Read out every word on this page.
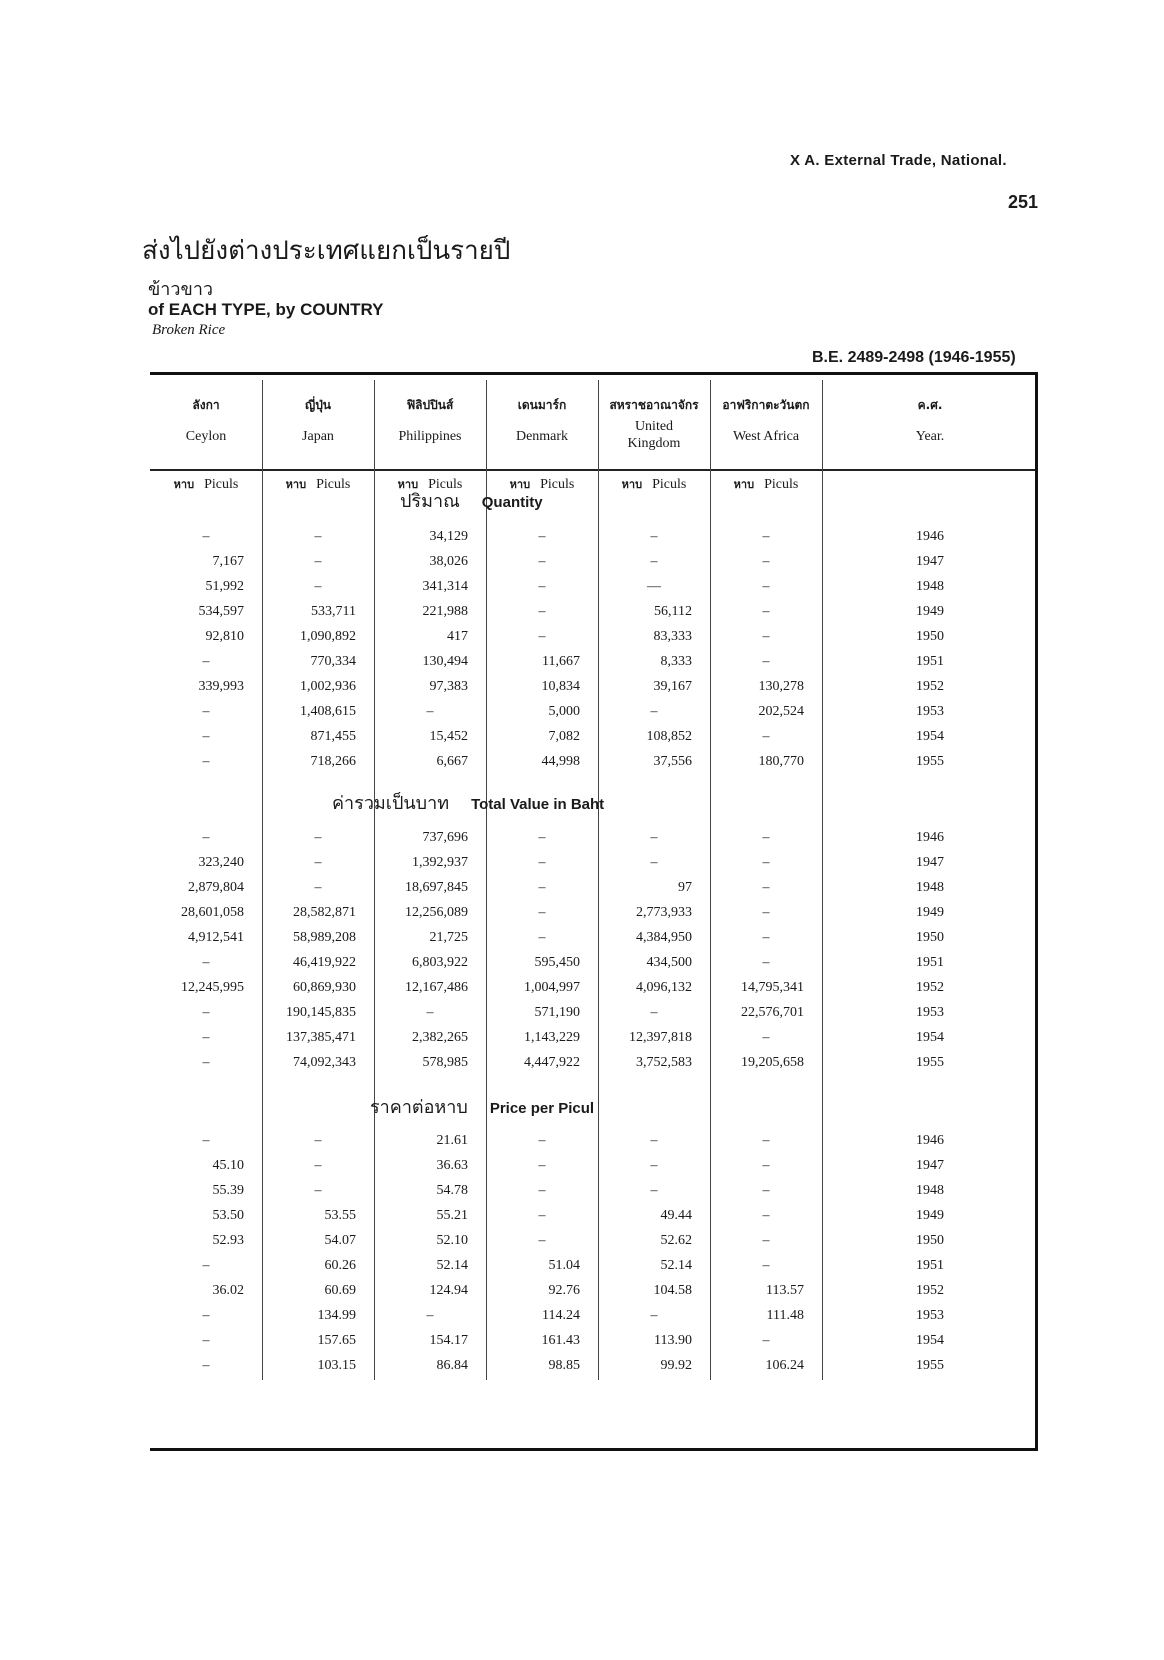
X A. External Trade, National.
251
ส่งไปยังต่างประเทศแยกเป็นรายปี
ข้าวขาว
of EACH TYPE, by COUNTRY
Broken Rice
B.E. 2489-2498 (1946-1955)
ลังกา
Ceylon
ญี่ปุ่น
Japan
ฟิลิปปินส์
Philippines
เดนมาร์ก
Denmark
สหราชอาณาจักร
United Kingdom
อาฟริกาตะวันตก
West Africa
ค.ศ.
Year.
หาบ Piculs	หาบ Piculs	หาบ Piculs	หาบ Piculs	หาบ Piculs	หาบ Piculs
ปริมาณ Quantity
–	–	34,129	–	–	–	1946
7,167	–	38,026	–	–	–	1947
51,992	–	341,314	–	––	–	1948
534,597	533,711	221,988	–	56,112	–	1949
92,810	1,090,892	417	–	83,333	–	1950
–	770,334	130,494	11,667	8,333	–	1951
339,993	1,002,936	97,383	10,834	39,167	130,278	1952
–	1,408,615	–	5,000	–	202,524	1953
–	871,455	15,452	7,082	108,852	–	1954
–	718,266	6,667	44,998	37,556	180,770	1955
ค่ารวมเป็นบาท Total Value in Baht
–	–	737,696	–	–	–	1946
323,240	–	1,392,937	–	–	–	1947
2,879,804	–	18,697,845	–	97	–	1948
28,601,058	28,582,871	12,256,089	–	2,773,933	–	1949
4,912,541	58,989,208	21,725	–	4,384,950	–	1950
–	46,419,922	6,803,922	595,450	434,500	–	1951
12,245,995	60,869,930	12,167,486	1,004,997	4,096,132	14,795,341	1952
–	190,145,835	–	571,190	–	22,576,701	1953
–	137,385,471	2,382,265	1,143,229	12,397,818	–	1954
–	74,092,343	578,985	4,447,922	3,752,583	19,205,658	1955
ราคาต่อหาบ Price per Picul
–	–	21.61	–	–	–	1946
45.10	–	36.63	–	–	–	1947
55.39	–	54.78	–	–	–	1948
53.50	53.55	55.21	–	49.44	–	1949
52.93	54.07	52.10	–	52.62	–	1950
–	60.26	52.14	51.04	52.14	–	1951
36.02	60.69	124.94	92.76	104.58	113.57	1952
–	134.99	–	114.24	–	111.48	1953
–	157.65	154.17	161.43	113.90	–	1954
–	103.15	86.84	98.85	99.92	106.24	1955
